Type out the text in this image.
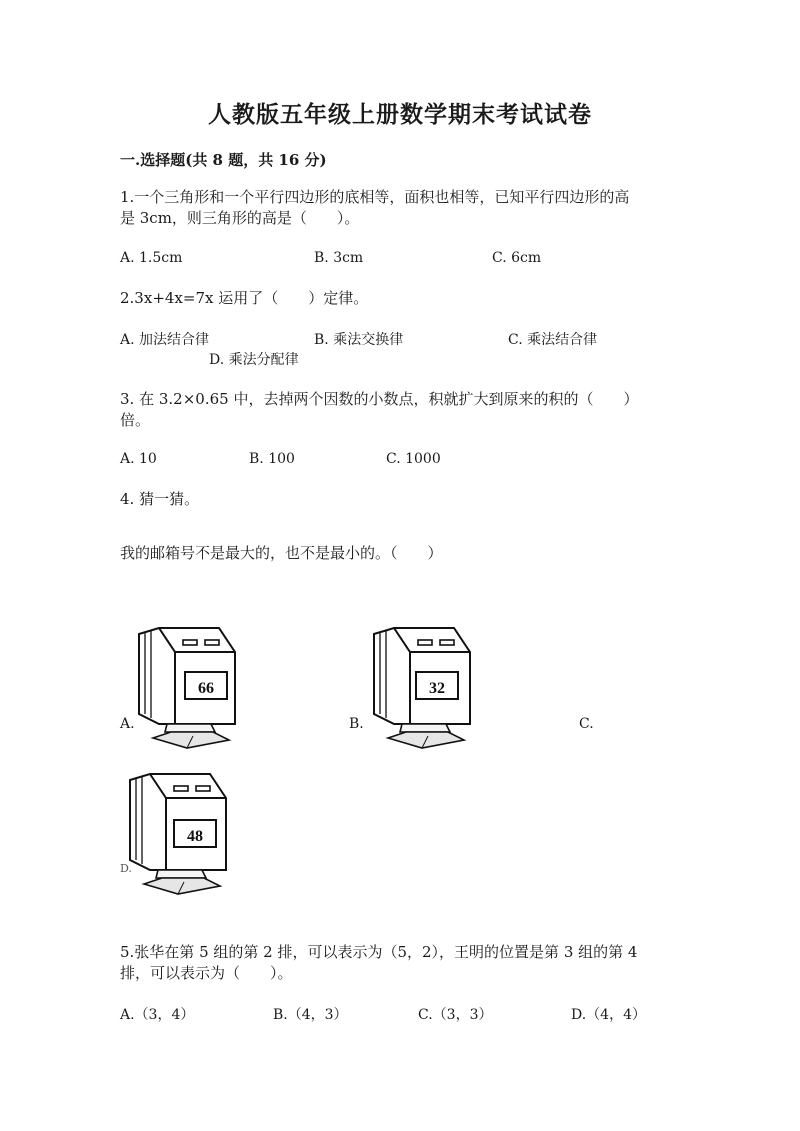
人教版五年级上册数学期末考试试卷
一.选择题(共 8 题，共 16 分)
1.一个三角形和一个平行四边形的底相等，面积也相等，已知平行四边形的高
是 3cm，则三角形的高是（　　）。
A. 1.5cm	B. 3cm	C. 6cm
2.3x+4x=7x 运用了（　　）定律。
A. 加法结合律	B. 乘法交换律	C. 乘法结合律
D. 乘法分配律
3. 在 3.2×0.65 中，去掉两个因数的小数点，积就扩大到原来的积的（　　）
倍。
A. 10	B. 100	C. 1000
4. 猜一猜。
我的邮箱号不是最大的，也不是最小的。（　　）
66
A.
32
B.	C.
48
D.
5.张华在第 5 组的第 2 排，可以表示为（5，2），王明的位置是第 3 组的第 4
排，可以表示为（　　）。
A.（3，4）	B.（4，3）	C.（3，3）	D.（4，4）
